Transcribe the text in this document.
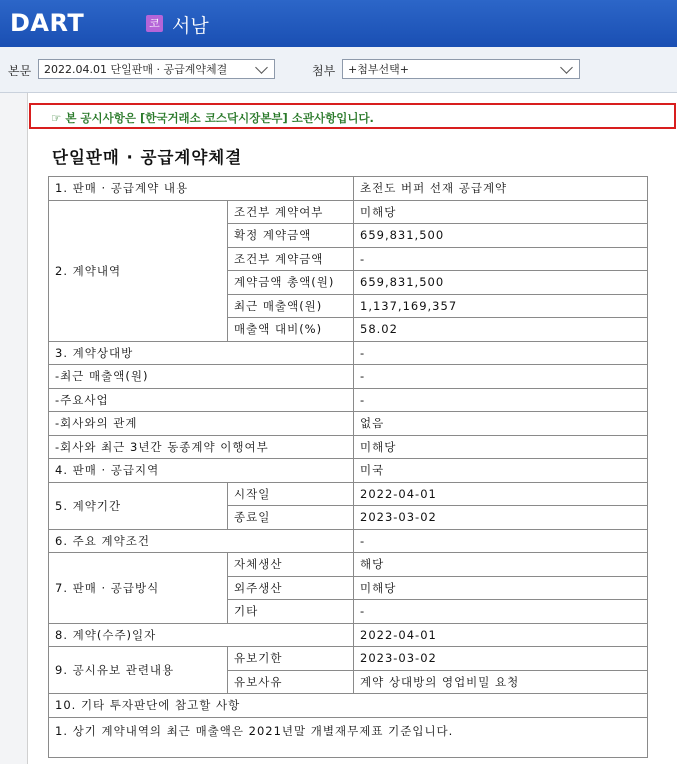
DART	코 서남
본문	2022.04.01 단일판매 · 공급계약체결	첨부	+첨부선택+
☞ 본 공시사항은 [한국거래소 코스닥시장본부] 소관사항입니다.
단일판매 · 공급계약체결
1. 판매 · 공급계약 내용		초전도 버퍼 선재 공급계약
2. 계약내역	조건부 계약여부	미해당
	확정 계약금액	659,831,500
	조건부 계약금액	-
	계약금액 총액(원)	659,831,500
	최근 매출액(원)	1,137,169,357
	매출액 대비(%)	58.02
3. 계약상대방		-
-최근 매출액(원)		-
-주요사업		-
-회사와의 관계		없음
-회사와 최근 3년간 동종계약 이행여부		미해당
4. 판매 · 공급지역		미국
5. 계약기간	시작일	2022-04-01
	종료일	2023-03-02
6. 주요 계약조건		-
7. 판매 · 공급방식	자체생산	해당
	외주생산	미해당
	기타	-
8. 계약(수주)일자		2022-04-01
9. 공시유보 관련내용	유보기한	2023-03-02
	유보사유	계약 상대방의 영업비밀 요청
10. 기타 투자판단에 참고할 사항		
1. 상기 계약내역의 최근 매출액은 2021년말 개별재무제표 기준입니다.		
